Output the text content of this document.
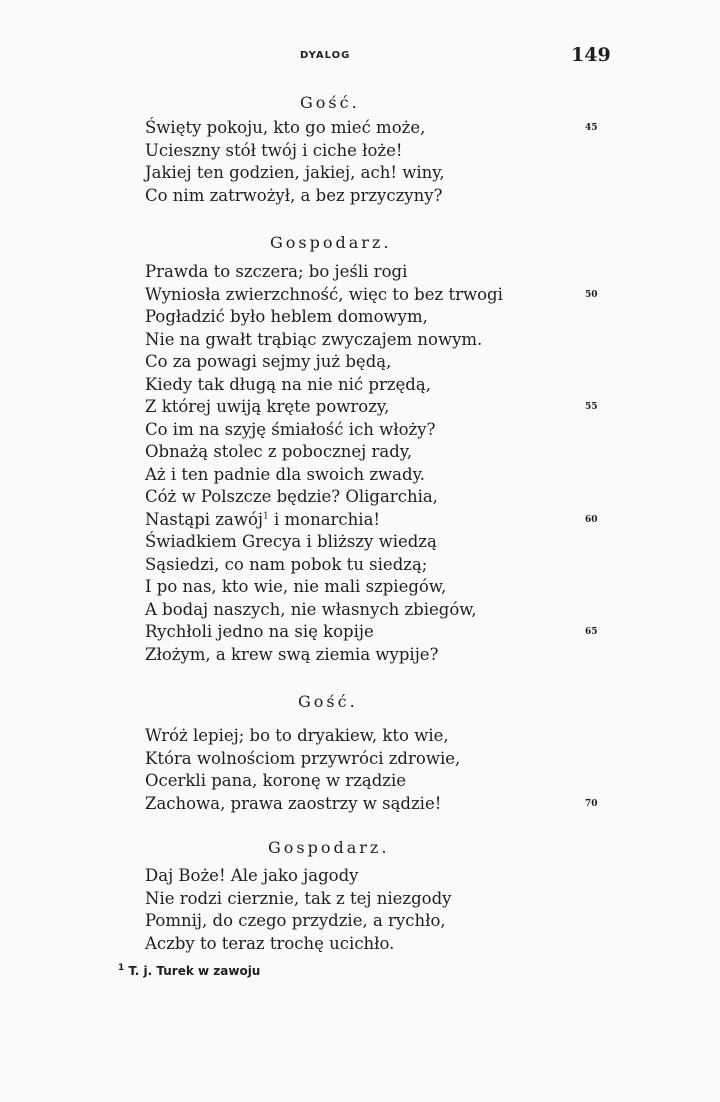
DYALOG	149
Gość.
Święty pokoju, kto go mieć może,	45
Ucieszny stół twój i ciche łoże!
Jakiej ten godzien, jakiej, ach! winy,
Co nim zatrwożył, a bez przyczyny?
Gospodarz.
Prawda to szczera; bo jeśli rogi
Wyniosła zwierzchność, więc to bez trwogi	50
Pogładzić było heblem domowym,
Nie na gwałt trąbiąc zwyczajem nowym.
Co za powagi sejmy już będą,
Kiedy tak długą na nie nić przędą,
Z której uwiją kręte powrozy,	55
Co im na szyję śmiałość ich włoży?
Obnażą stolec z pobocznej rady,
Aż i ten padnie dla swoich zwady.
Cóż w Polszcze będzie? Oligarchia,
Nastąpi zawój$^1$ i monarchia!	60
Świadkiem Grecya i bliższy wiedzą
Sąsiedzi, co nam pobok tu siedzą;
I po nas, kto wie, nie mali szpiegów,
A bodaj naszych, nie własnych zbiegów,
Rychłoli jedno na się kopije	65
Złożym, a krew swą ziemia wypije?
Gość.
Wróż lepiej; bo to dryakiew, kto wie,
Która wolnościom przywróci zdrowie,
Ocerkli pana, koronę w rządzie
Zachowa, prawa zaostrzy w sądzie!	70
Gospodarz.
Daj Boże! Ale jako jagody
Nie rodzi cierznie, tak z tej niezgody
Pomnij, do czego przydzie, a rychło,
Aczby to teraz trochę ucichło.
$^1$ T. j. Turek w zawoju
